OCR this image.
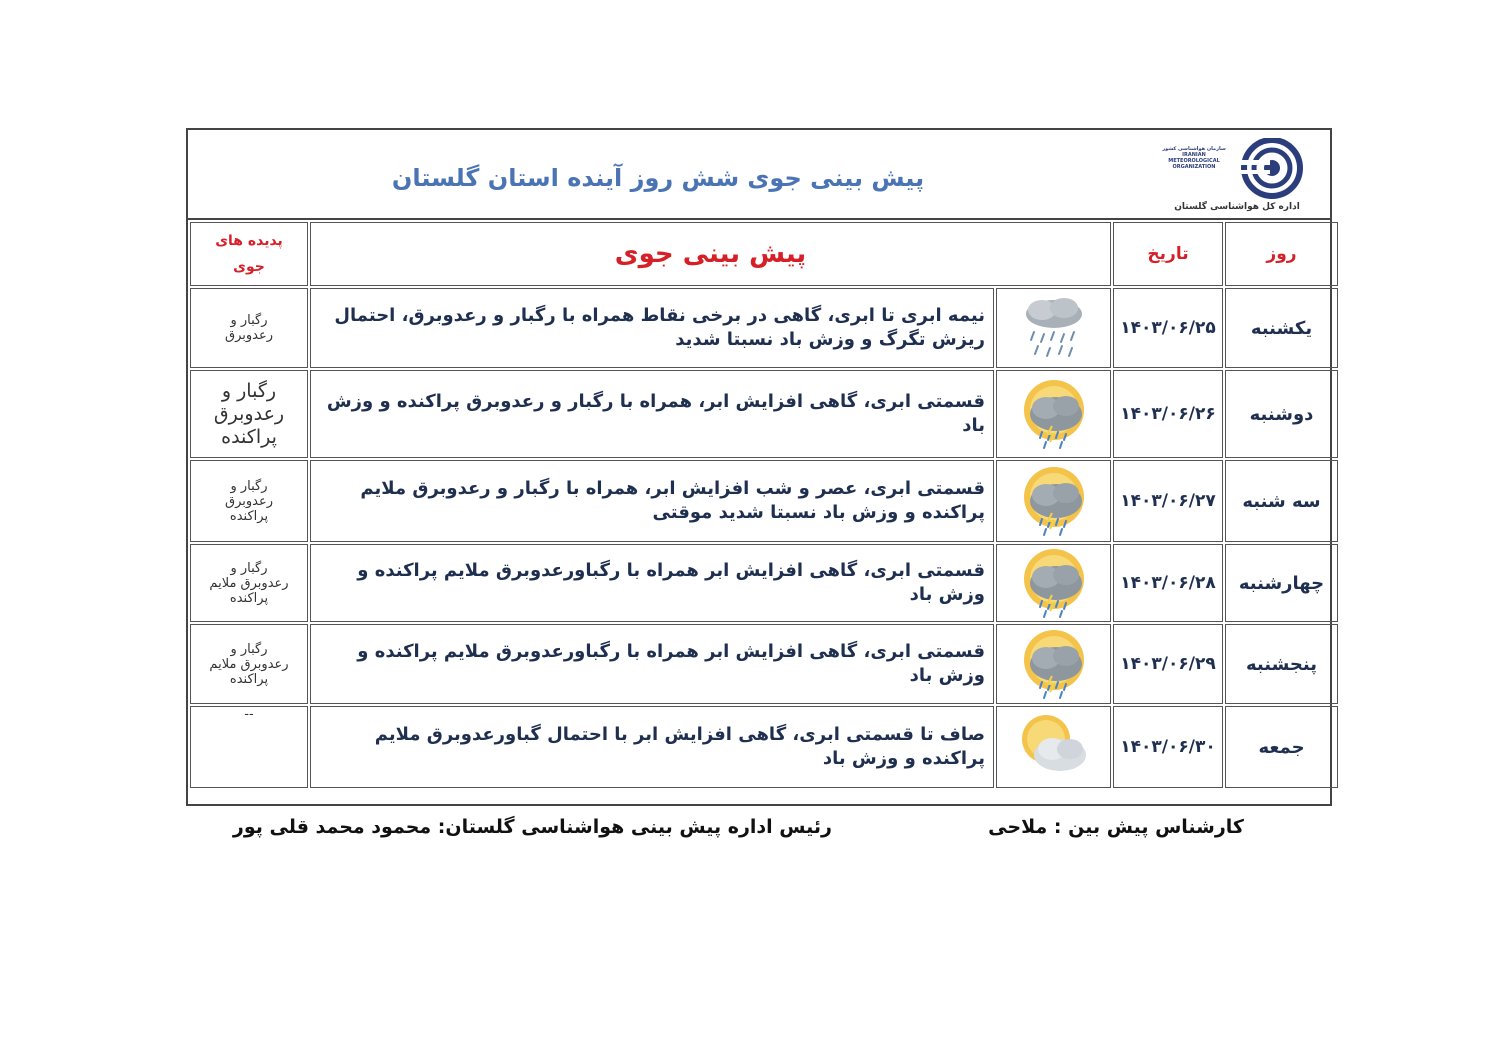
پیش بینی جوی شش روز آینده استان گلستان
سازمان هواشناسی کشور
IRANIAN
METEOROLOGICAL
ORGANIZATION
اداره کل هواشناسی گلستان
روز	تاریخ	پیش بینی جوی		پدیده های
جوی

یکشنبه	۱۴۰۳/۰۶/۲۵		نیمه ابری تا ابری، گاهی در برخی نقاط همراه با رگبار و رعدوبرق، احتمال ریزش تگرگ و وزش باد نسبتا شدید	رگبار و
رعدوبرق

دوشنبه	۱۴۰۳/۰۶/۲۶		قسمتی ابری، گاهی افزایش ابر، همراه با رگبار و رعدوبرق پراکنده و وزش باد	رگبار و
رعدوبرق
پراکنده

سه شنبه	۱۴۰۳/۰۶/۲۷		قسمتی ابری، عصر و شب افزایش ابر، همراه با رگبار و رعدوبرق ملایم پراکنده و وزش باد نسبتا شدید موقتی	رگبار و
رعدوبرق
پراکنده

چهارشنبه	۱۴۰۳/۰۶/۲۸		قسمتی ابری، گاهی افزایش ابر همراه با رگباورعدوبرق ملایم پراکنده و وزش باد	رگبار و
رعدوبرق ملایم
پراکنده

پنجشنبه	۱۴۰۳/۰۶/۲۹		قسمتی ابری، گاهی افزایش ابر همراه با رگباورعدوبرق ملایم پراکنده و وزش باد	رگبار و
رعدوبرق ملایم
پراکنده

جمعه	۱۴۰۳/۰۶/۳۰		صاف تا قسمتی ابری، گاهی افزایش ابر با احتمال گباورعدوبرق ملایم پراکنده و وزش باد	--
کارشناس پیش بین : ملاحی
رئیس اداره پیش بینی هواشناسی گلستان: محمود محمد قلی پور
